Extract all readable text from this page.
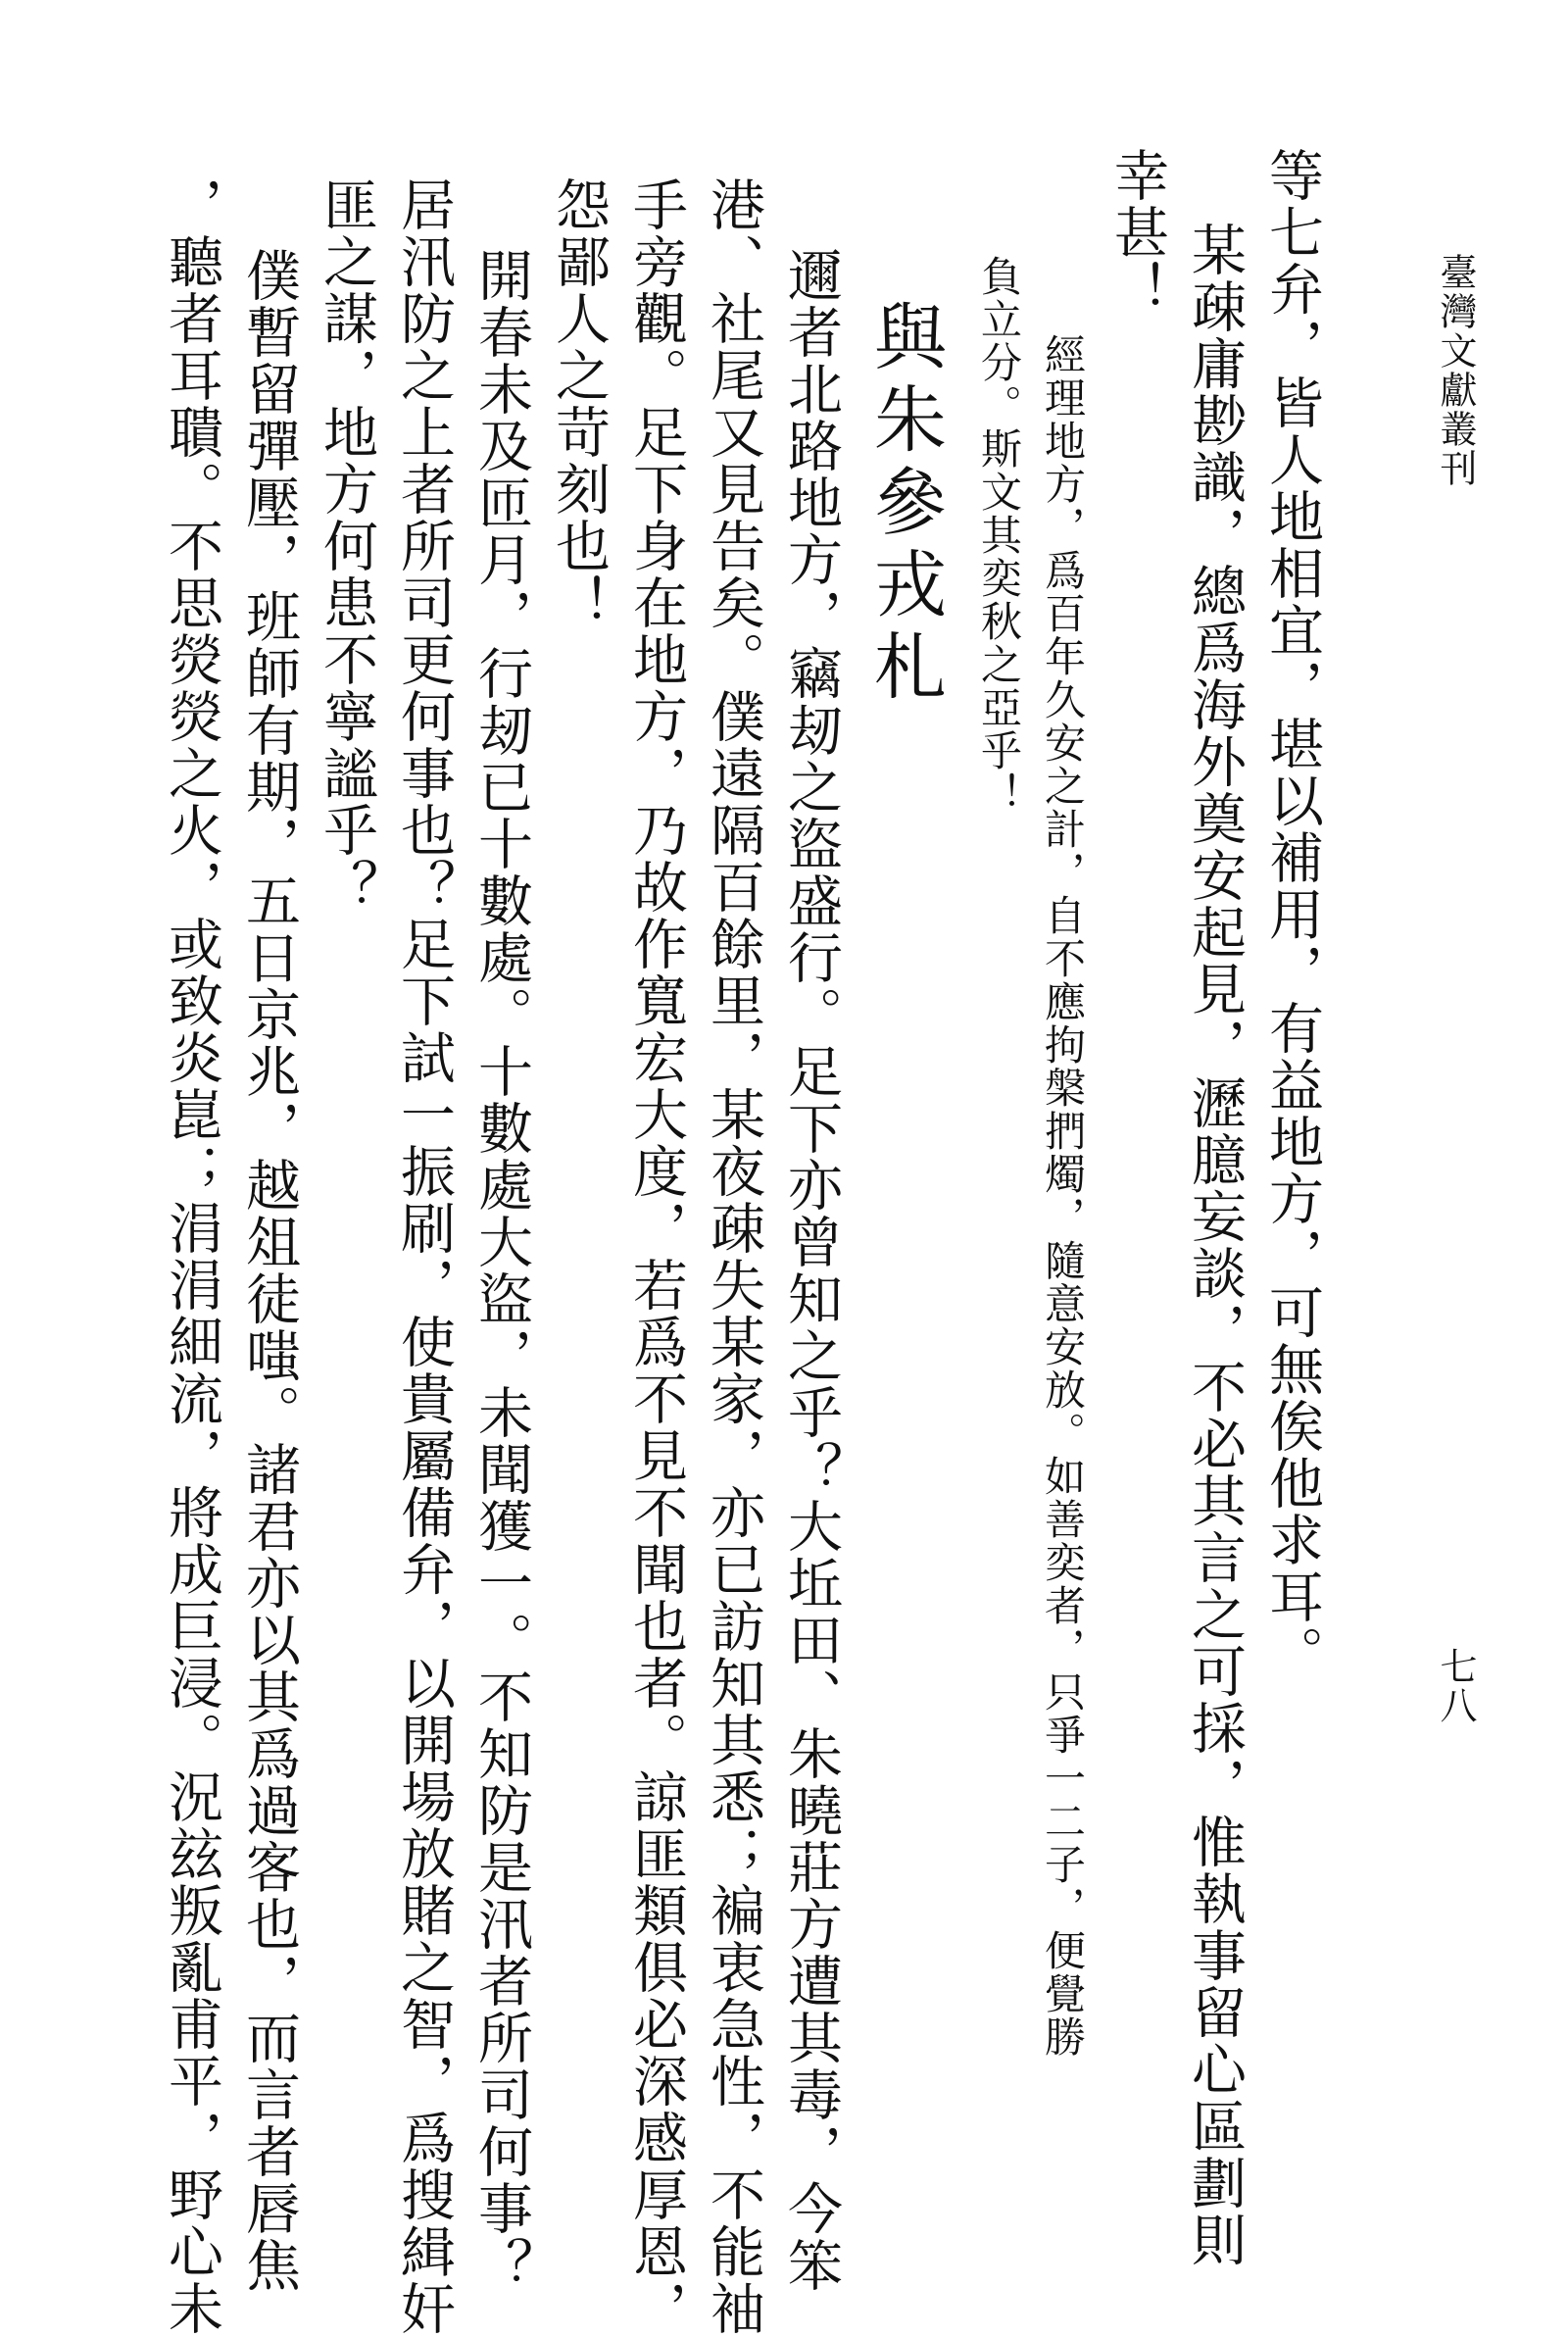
臺灣文獻叢刊
七八
等七弁，皆人地相宜，堪以補用，有益地方，可無俟他求耳。
某疎庸尠識，總爲海外奠安起見，瀝臆妄談，不必其言之可採，惟執事留心區劃則
幸甚！
經理地方，爲百年久安之計，自不應拘槃捫燭，隨意安放。如善奕者，只爭一二子，便覺勝
負立分。斯文其奕秋之亞乎！
與朱參戎札
邇者北路地方，竊刼之盜盛行。足下亦曾知之乎？大坵田、朱曉莊方遭其毒，今笨
港、社尾又見告矣。僕遠隔百餘里，某夜疎失某家，亦已訪知其悉；褊衷急性，不能袖
手旁觀。足下身在地方，乃故作寬宏大度，若爲不見不聞也者。諒匪類俱必深感厚恩，
怨鄙人之苛刻也！
開春未及匝月，行刼已十數處。十數處大盜，未聞獲一。不知防是汛者所司何事？
居汛防之上者所司更何事也？足下試一振刷，使貴屬備弁，以開場放賭之智，爲搜緝奸
匪之謀，地方何患不寧謐乎？
僕暫留彈壓，班師有期，五日京兆，越俎徒嗤。諸君亦以其爲過客也，而言者唇焦
，聽者耳聵。不思熒熒之火，或致炎崑；涓涓細流，將成巨浸。況玆叛亂甫平，野心未
